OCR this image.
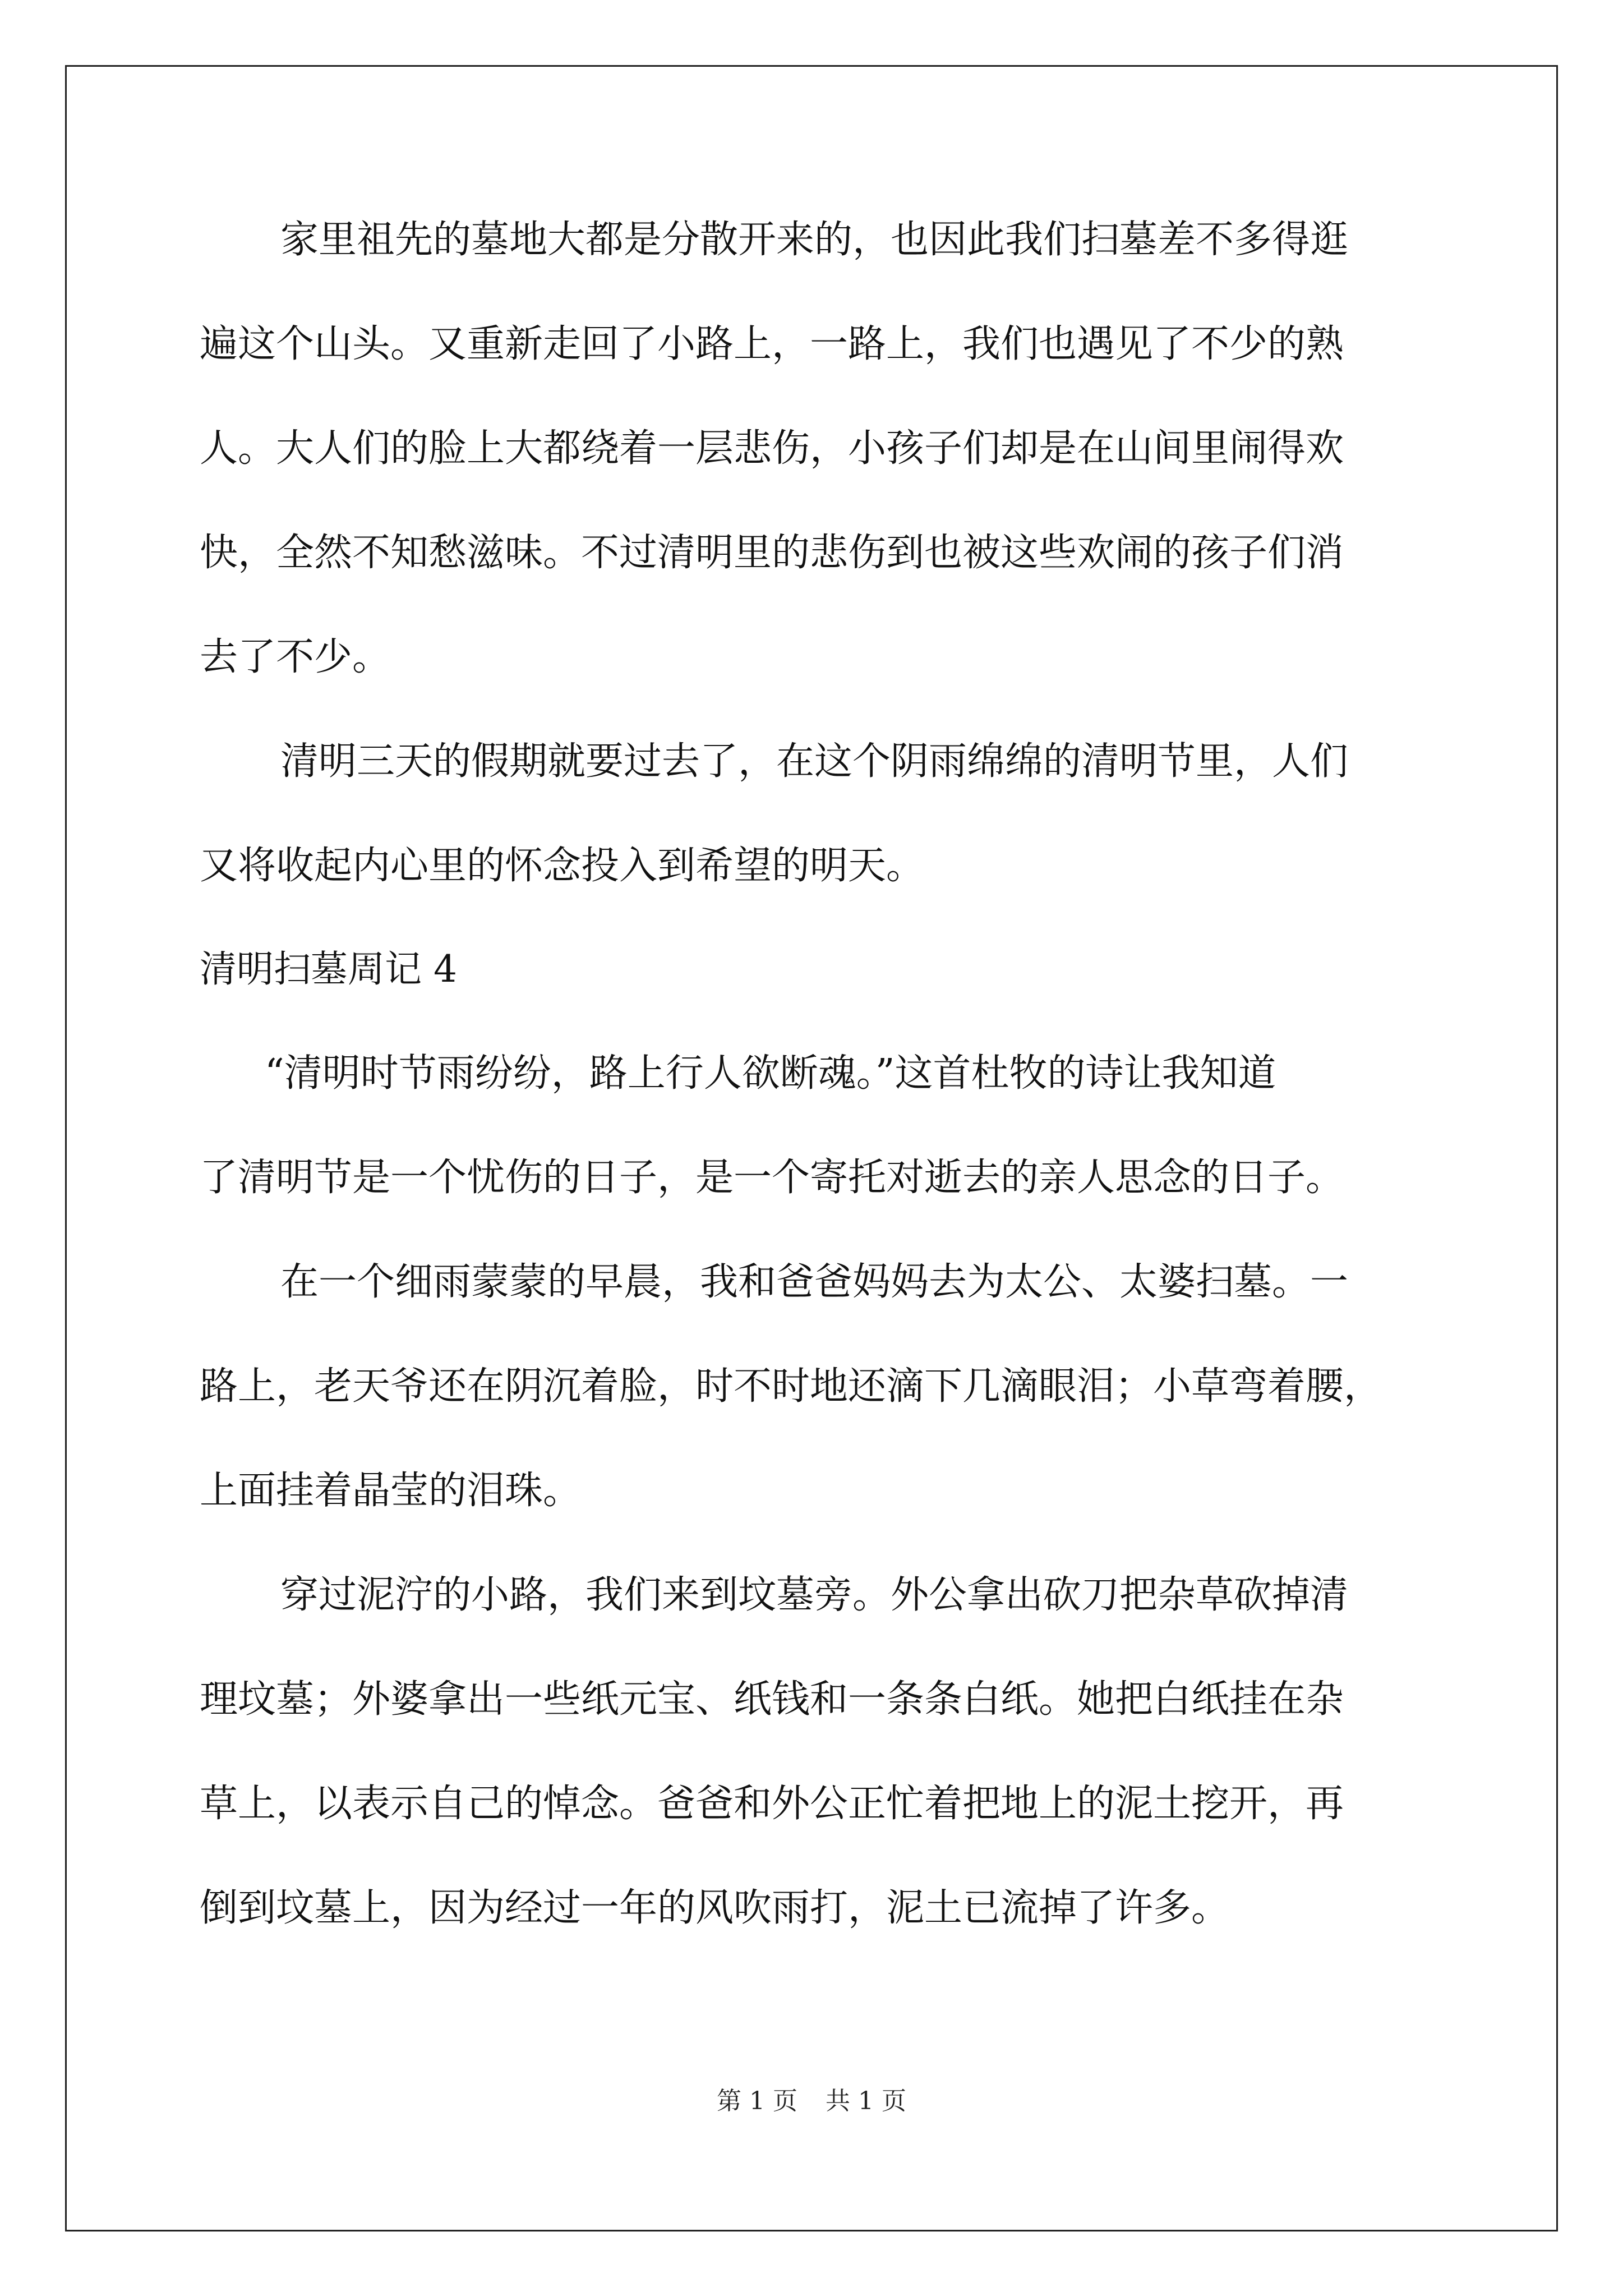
家里祖先的墓地大都是分散开来的，也因此我们扫墓差不多得逛
遍这个山头。又重新走回了小路上，一路上，我们也遇见了不少的熟
人。大人们的脸上大都绕着一层悲伤，小孩子们却是在山间里闹得欢
快，全然不知愁滋味。不过清明里的悲伤到也被这些欢闹的孩子们消
去了不少。
清明三天的假期就要过去了，在这个阴雨绵绵的清明节里，人们
又将收起内心里的怀念投入到希望的明天。
清明扫墓周记 4
“清明时节雨纷纷，路上行人欲断魂。”这首杜牧的诗让我知道
了清明节是一个忧伤的日子，是一个寄托对逝去的亲人思念的日子。
在一个细雨蒙蒙的早晨，我和爸爸妈妈去为太公、太婆扫墓。一
路上，老天爷还在阴沉着脸，时不时地还滴下几滴眼泪；小草弯着腰，
上面挂着晶莹的泪珠。
穿过泥泞的小路，我们来到坟墓旁。外公拿出砍刀把杂草砍掉清
理坟墓；外婆拿出一些纸元宝、纸钱和一条条白纸。她把白纸挂在杂
草上，以表示自己的悼念。爸爸和外公正忙着把地上的泥土挖开，再
倒到坟墓上，因为经过一年的风吹雨打，泥土已流掉了许多。
第 1 页 共 1 页
